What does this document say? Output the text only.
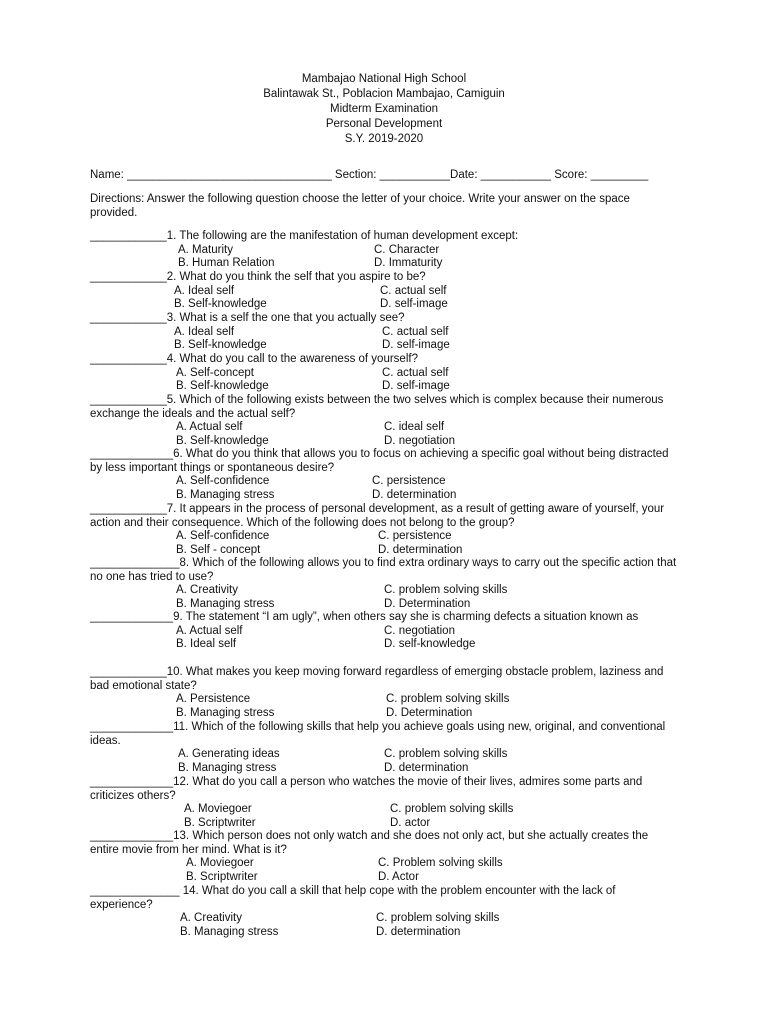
Mambajao National High School
Balintawak St., Poblacion Mambajao, Camiguin
Midterm Examination
Personal Development
S.Y. 2019-2020
Name: ________________________________ Section: ___________Date: ___________ Score: _________
Directions: Answer the following question choose the letter of your choice. Write your answer on the space provided.
____________1. The following are the manifestation of human development except:
A. Maturity	C. Character
B. Human Relation	D. Immaturity
____________2. What do you think the self that you aspire to be?
A. Ideal self	C. actual self
B. Self-knowledge	D. self-image
____________3. What is a self the one that you actually see?
A. Ideal self	C. actual self
B. Self-knowledge	D. self-image
____________4. What do you call to the awareness of yourself?
A. Self-concept	C. actual self
B. Self-knowledge	D. self-image
____________5. Which of the following exists between the two selves which is complex because their numerous exchange the ideals and the actual self?
A. Actual self	C. ideal self
B. Self-knowledge	D. negotiation
_____________6. What do you think that allows you to focus on achieving a specific goal without being distracted by less important things or spontaneous desire?
A. Self-confidence	C. persistence
B. Managing stress	D. determination
____________7. It appears in the process of personal development, as a result of getting aware of yourself, your action and their consequence. Which of the following does not belong to the group?
A. Self-confidence	C. persistence
B. Self - concept	D. determination
______________8. Which of the following allows you to find extra ordinary ways to carry out the specific action that no one has tried to use?
A. Creativity	C. problem solving skills
B. Managing stress	D. Determination
_____________9. The statement “I am ugly”, when others say she is charming defects a situation known as
A. Actual self	C. negotiation
B. Ideal self	D. self-knowledge
____________10. What makes you keep moving forward regardless of emerging obstacle problem, laziness and bad emotional state?
A. Persistence	C. problem solving skills
B. Managing stress	D. Determination
_____________11. Which of the following skills that help you achieve goals using new, original, and conventional ideas.
A. Generating ideas	C. problem solving skills
B. Managing stress	D. determination
_____________12. What do you call a person who watches the movie of their lives, admires some parts and criticizes others?
A. Moviegoer	C. problem solving skills
B. Scriptwriter	D. actor
_____________13. Which person does not only watch and she does not only act, but she actually creates the entire movie from her mind. What is it?
A. Moviegoer	C. Problem solving skills
B. Scriptwriter	D. Actor
______________ 14. What do you call a skill that help cope with the problem encounter with the lack of experience?
A. Creativity	C. problem solving skills
B. Managing stress	D. determination
